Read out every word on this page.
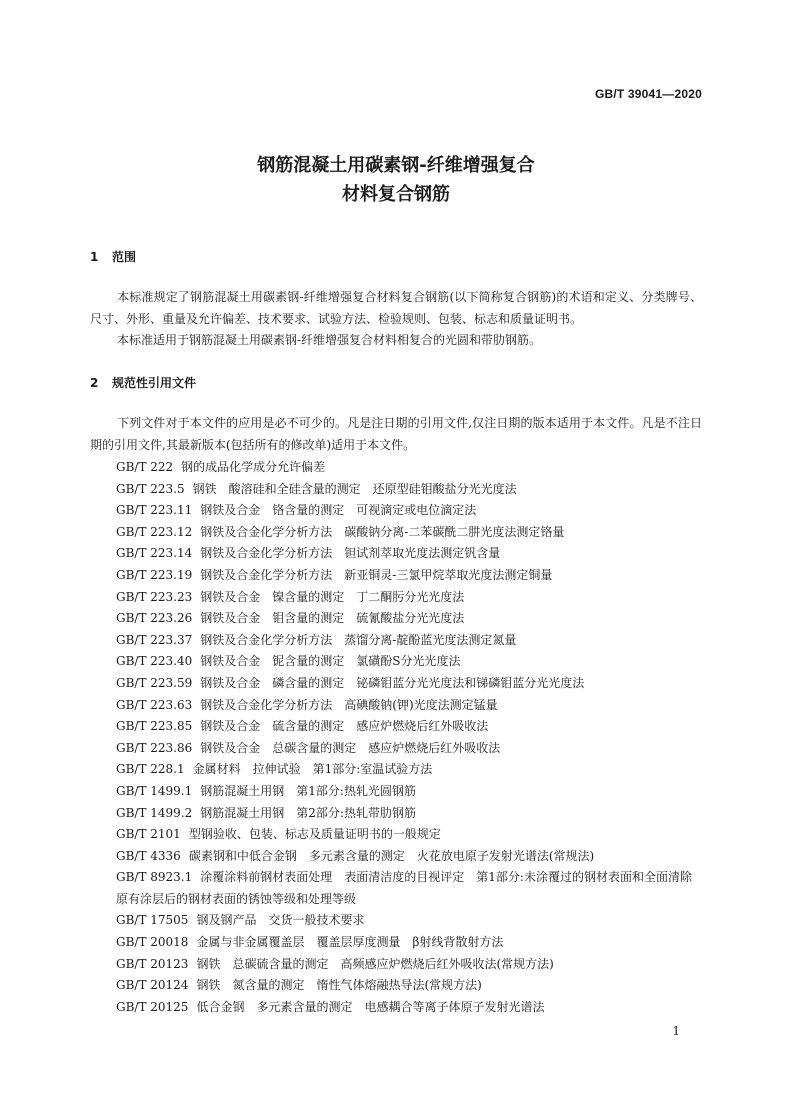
GB/T 39041—2020
钢筋混凝土用碳素钢-纤维增强复合
材料复合钢筋
1 范围
本标准规定了钢筋混凝土用碳素钢-纤维增强复合材料复合钢筋(以下简称复合钢筋)的术语和定义、分类牌号、尺寸、外形、重量及允许偏差、技术要求、试验方法、检验规则、包装、标志和质量证明书。
本标准适用于钢筋混凝土用碳素钢-纤维增强复合材料相复合的光圆和带肋钢筋。
2 规范性引用文件
下列文件对于本文件的应用是必不可少的。凡是注日期的引用文件,仅注日期的版本适用于本文件。凡是不注日期的引用文件,其最新版本(包括所有的修改单)适用于本文件。
GB/T 222 钢的成品化学成分允许偏差
GB/T 223.5 钢铁　酸溶硅和全硅含量的测定　还原型硅钼酸盐分光光度法
GB/T 223.11 钢铁及合金　铬含量的测定　可视滴定或电位滴定法
GB/T 223.12 钢铁及合金化学分析方法　碳酸钠分离-二苯碳酰二肼光度法测定铬量
GB/T 223.14 钢铁及合金化学分析方法　钽试剂萃取光度法测定钒含量
GB/T 223.19 钢铁及合金化学分析方法　新亚铜灵-三氯甲烷萃取光度法测定铜量
GB/T 223.23 钢铁及合金　镍含量的测定　丁二酮肟分光光度法
GB/T 223.26 钢铁及合金　钼含量的测定　硫氰酸盐分光光度法
GB/T 223.37 钢铁及合金化学分析方法　蒸馏分离-靛酚蓝光度法测定氮量
GB/T 223.40 钢铁及合金　铌含量的测定　氯磺酚S分光光度法
GB/T 223.59 钢铁及合金　磷含量的测定　铋磷钼蓝分光光度法和锑磷钼蓝分光光度法
GB/T 223.63 钢铁及合金化学分析方法　高碘酸钠(钾)光度法测定锰量
GB/T 223.85 钢铁及合金　硫含量的测定　感应炉燃烧后红外吸收法
GB/T 223.86 钢铁及合金　总碳含量的测定　感应炉燃烧后红外吸收法
GB/T 228.1 金属材料　拉伸试验　第1部分:室温试验方法
GB/T 1499.1 钢筋混凝土用钢　第1部分:热轧光圆钢筋
GB/T 1499.2 钢筋混凝土用钢　第2部分:热轧带肋钢筋
GB/T 2101 型钢验收、包装、标志及质量证明书的一般规定
GB/T 4336 碳素钢和中低合金钢　多元素含量的测定　火花放电原子发射光谱法(常规法)
GB/T 8923.1 涂覆涂料前钢材表面处理　表面清洁度的目视评定　第1部分:未涂覆过的钢材表面和全面清除原有涂层后的钢材表面的锈蚀等级和处理等级
GB/T 17505 钢及钢产品　交货一般技术要求
GB/T 20018 金属与非金属覆盖层　覆盖层厚度测量　β射线背散射方法
GB/T 20123 钢铁　总碳硫含量的测定　高频感应炉燃烧后红外吸收法(常规方法)
GB/T 20124 钢铁　氮含量的测定　惰性气体熔融热导法(常规方法)
GB/T 20125 低合金钢　多元素含量的测定　电感耦合等离子体原子发射光谱法
1
